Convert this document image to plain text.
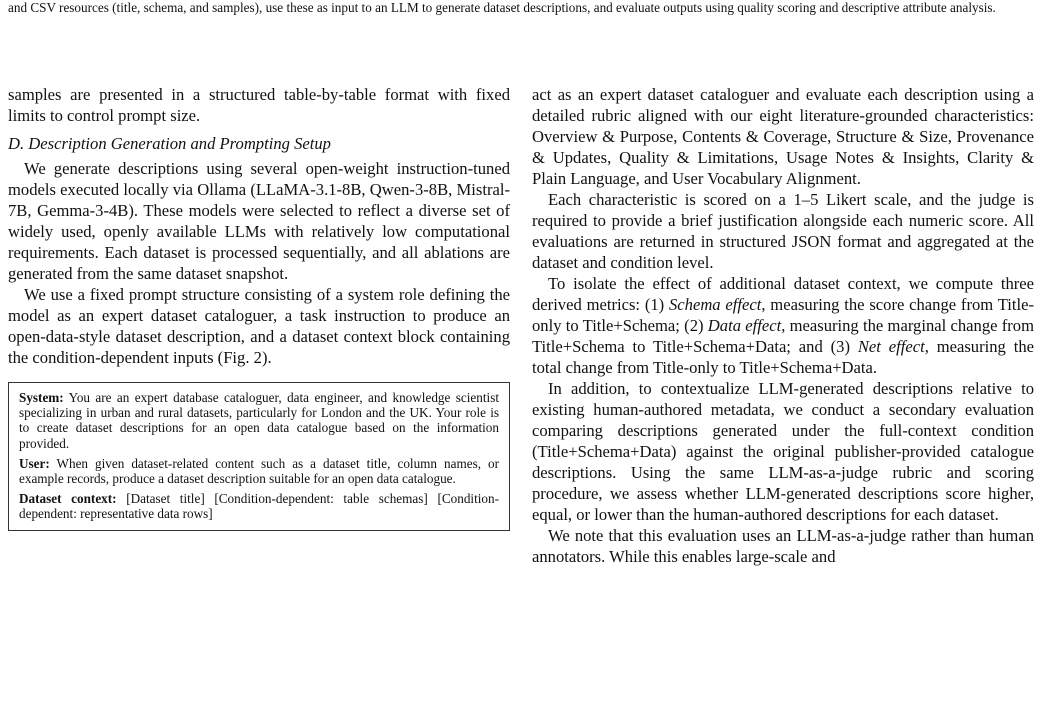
and CSV resources (title, schema, and samples), use these as input to an LLM to generate dataset descriptions, and evaluate outputs using quality scoring and descriptive attribute analysis.

samples are presented in a structured table-by-table format with fixed limits to control prompt size.

D. Description Generation and Prompting Setup

We generate descriptions using several open-weight instruction-tuned models executed locally via Ollama (LLaMA-3.1-8B, Qwen-3-8B, Mistral-7B, Gemma-3-4B). These models were selected to reflect a diverse set of widely used, openly available LLMs with relatively low computational requirements. Each dataset is processed sequentially, and all ablations are generated from the same dataset snapshot.

We use a fixed prompt structure consisting of a system role defining the model as an expert dataset cataloguer, a task instruction to produce an open-data-style dataset description, and a dataset context block containing the condition-dependent inputs (Fig. 2).

System: You are an expert database cataloguer, data engineer, and knowledge scientist specializing in urban and rural datasets, particularly for London and the UK. Your role is to create dataset descriptions for an open data catalogue based on the information provided.

User: When given dataset-related content such as a dataset title, column names, or example records, produce a dataset description suitable for an open data catalogue.

Dataset context: [Dataset title] [Condition-dependent: table schemas] [Condition-dependent: representative data rows]

act as an expert dataset cataloguer and evaluate each description using a detailed rubric aligned with our eight literature-grounded characteristics: Overview & Purpose, Contents & Coverage, Structure & Size, Provenance & Updates, Quality & Limitations, Usage Notes & Insights, Clarity & Plain Language, and User Vocabulary Alignment.

Each characteristic is scored on a 1–5 Likert scale, and the judge is required to provide a brief justification alongside each numeric score. All evaluations are returned in structured JSON format and aggregated at the dataset and condition level.

To isolate the effect of additional dataset context, we compute three derived metrics: (1) Schema effect, measuring the score change from Title-only to Title+Schema; (2) Data effect, measuring the marginal change from Title+Schema to Title+Schema+Data; and (3) Net effect, measuring the total change from Title-only to Title+Schema+Data.

In addition, to contextualize LLM-generated descriptions relative to existing human-authored metadata, we conduct a secondary evaluation comparing descriptions generated under the full-context condition (Title+Schema+Data) against the original publisher-provided catalogue descriptions. Using the same LLM-as-a-judge rubric and scoring procedure, we assess whether LLM-generated descriptions score higher, equal, or lower than the human-authored descriptions for each dataset.

We note that this evaluation uses an LLM-as-a-judge rather than human annotators. While this enables large-scale and
